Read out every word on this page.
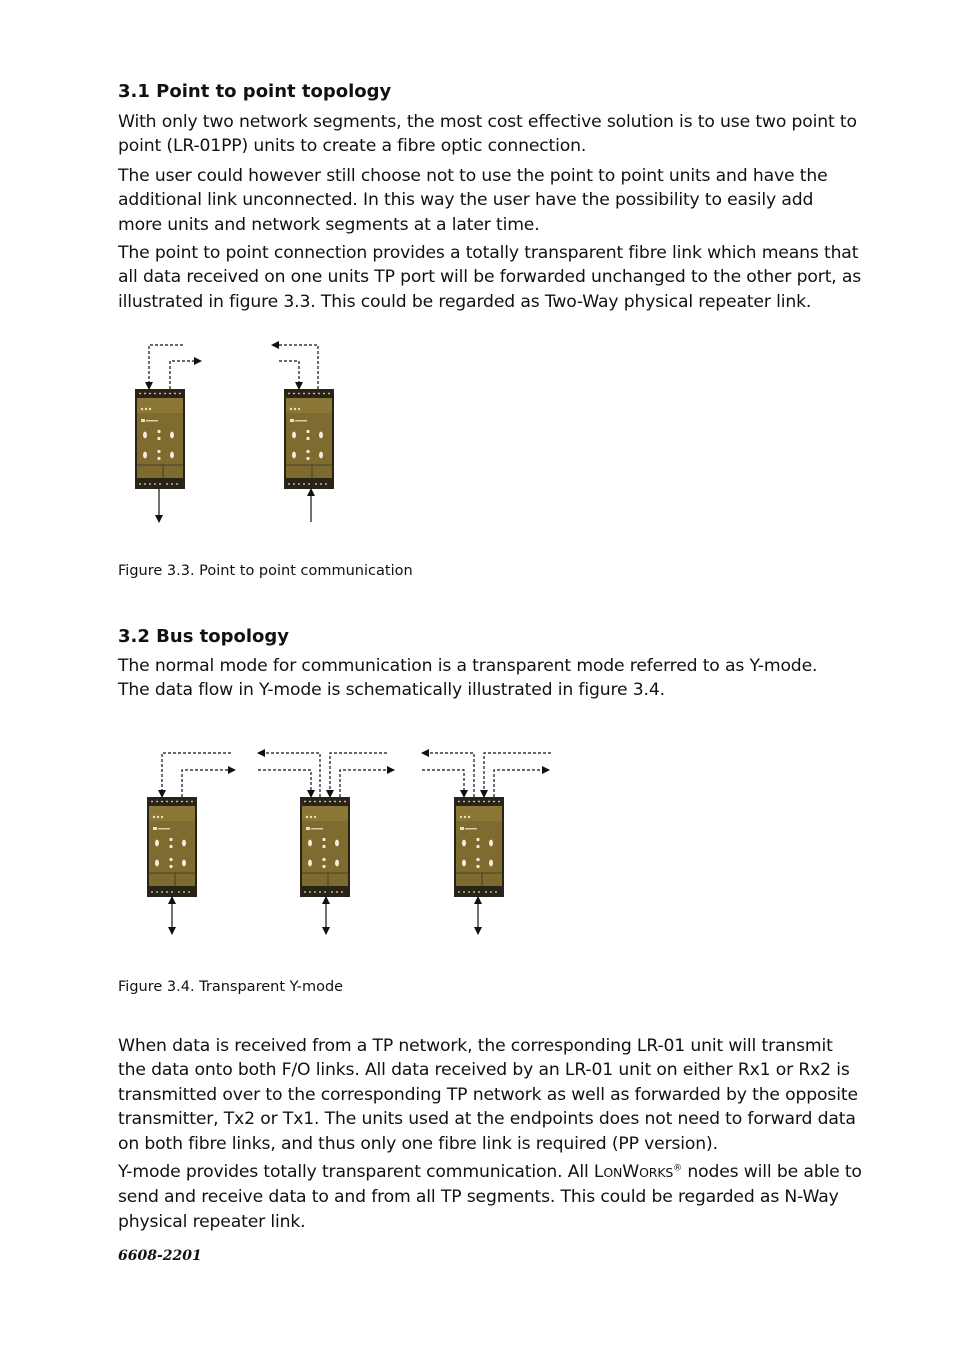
3.1 Point to point topology

With only two network segments, the most cost effective solution is to use two point to point (LR-01PP) units to create a fibre optic connection.

The user could however still choose not to use the point to point units and have the additional link unconnected. In this way the user have the possibility to easily add more units and network segments at a later time.

The point to point connection provides a totally transparent fibre link which means that all data received on one units TP port will be forwarded unchanged to the other port, as illustrated in figure 3.3. This could be regarded as Two-Way physical repeater link.

Figure 3.3. Point to point communication
3.2 Bus topology

The normal mode for communication is a transparent mode referred to as Y-mode. The data flow in Y-mode is schematically illustrated in figure 3.4.

Figure 3.4. Transparent Y-mode

When data is received from a TP network, the corresponding LR-01 unit will transmit the data onto both F/O links. All data received by an LR-01 unit on either Rx1 or Rx2 is transmitted over to the corresponding TP network as well as forwarded by the opposite transmitter, Tx2 or Tx1. The units used at the endpoints does not need to forward data on both fibre links, and thus only one fibre link is required (PP version).

Y-mode provides totally transparent communication. All LONWORKS® nodes will be able to send and receive data to and from all TP segments. This could be regarded as N-Way physical repeater link.

6608-2201
